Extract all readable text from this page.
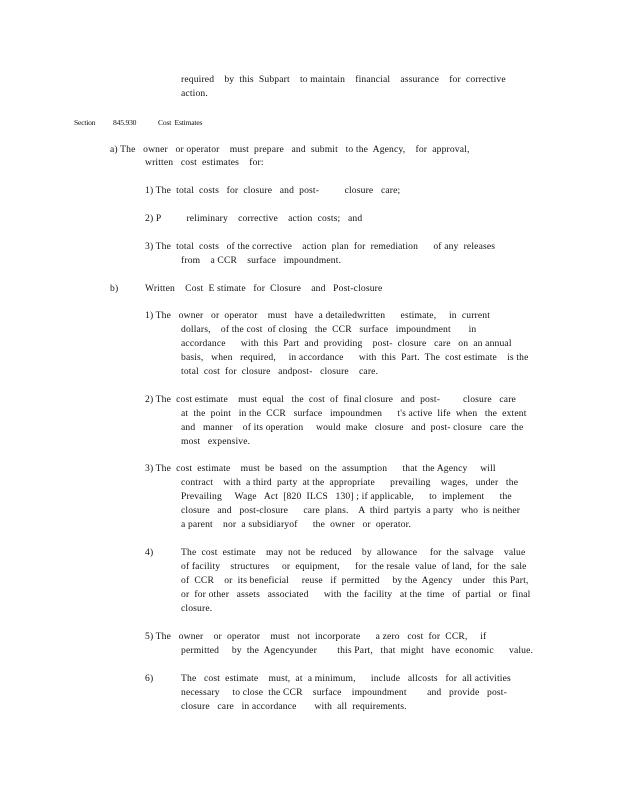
required    by  this  Subpart    to maintain    financial    assurance    for  corrective
action.
Section 845.930	Cost  Estimates
a) The   owner   or operator    must  prepare   and  submit   to the  Agency,    for  approval,
written   cost  estimates    for:
1) The  total  costs   for  closure   and  post-          closure   care;
2) P          reliminary    corrective    action  costs;   and
3) The  total  costs   of the corrective    action  plan  for  remediation      of any  releases
from    a CCR    surface   impoundment.
b)	Written    Cost  E stimate   for  Closure    and   Post-closure
1) The   owner   or  operator    must   have  a detailedwritten      estimate,     in  current
dollars,    of the cost  of closing   the  CCR   surface   impoundment       in
accordance      with  this  Part  and  providing    post-  closure   care   on  an annual
basis,   when   required,     in accordance      with  this  Part.  The  cost estimate    is the
total  cost  for  closure   andpost-   closure    care.
2) The  cost estimate    must  equal   the  cost  of  final closure   and  post-         closure   care
at  the  point   in the  CCR   surface   impoundmen      t's active  life  when   the  extent
and   manner    of its operation     would  make   closure   and  post- closure   care  the
most   expensive.
3) The  cost  estimate    must  be  based   on  the  assumption      that  the Agency     will
contract    with  a third  party  at the  appropriate      prevailing    wages,   under   the
Prevailing     Wage   Act  [820  ILCS   130] ; if applicable,      to  implement      the
closure   and   post-closure      care  plans.    A  third  partyis  a party   who  is neither
a parent    nor  a subsidiaryof      the  owner   or  operator.
4)	The  cost  estimate    may  not  be  reduced    by  allowance     for  the  salvage    value
of facility    structures     or  equipment,      for  the resale  value  of land,  for  the  sale
of  CCR    or  its beneficial     reuse   if  permitted     by the  Agency    under   this Part,
or  for other   assets   associated      with  the  facility   at the  time   of  partial   or  final
closure.
5) The   owner    or  operator    must   not  incorporate      a zero   cost  for  CCR,     if
permitted     by  the  Agencyunder        this Part,   that  might   have  economic      value.
6)	The   cost  estimate    must,  at  a minimum,      include   allcosts   for  all activities
necessary     to close  the CCR    surface    impoundment        and   provide   post-
closure   care   in accordance       with  all  requirements.
